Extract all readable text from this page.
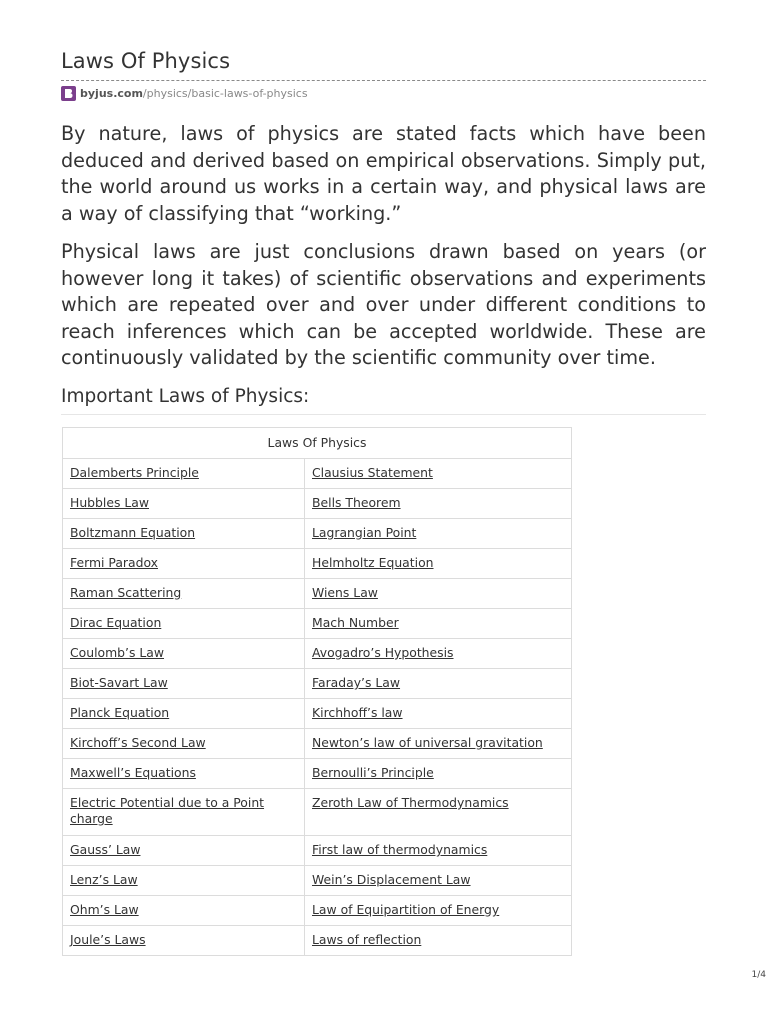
Laws Of Physics
byjus.com /physics/basic-laws-of-physics

By nature, laws of physics are stated facts which have been deduced and derived based on empirical observations. Simply put, the world around us works in a certain way, and physical laws are a way of classifying that “working.”

Physical laws are just conclusions drawn based on years (or however long it takes) of scientific observations and experiments which are repeated over and over under different conditions to reach inferences which can be accepted worldwide. These are continuously validated by the scientific community over time.

Important Laws of Physics:
Laws Of Physics	
Dalemberts Principle	Clausius Statement
Hubbles Law	Bells Theorem
Boltzmann Equation	Lagrangian Point
Fermi Paradox	Helmholtz Equation
Raman Scattering	Wiens Law
Dirac Equation	Mach Number
Coulomb’s Law	Avogadro’s Hypothesis
Biot-Savart Law	Faraday’s Law
Planck Equation	Kirchhoff’s law
Kirchoff’s Second Law	Newton’s law of universal gravitation
Maxwell’s Equations	Bernoulli’s Principle
Electric Potential due to a Point charge	Zeroth Law of Thermodynamics
Gauss’ Law	First law of thermodynamics
Lenz’s Law	Wein’s Displacement Law
Ohm’s Law	Law of Equipartition of Energy
Joule’s Laws	Laws of reflection
1/4
